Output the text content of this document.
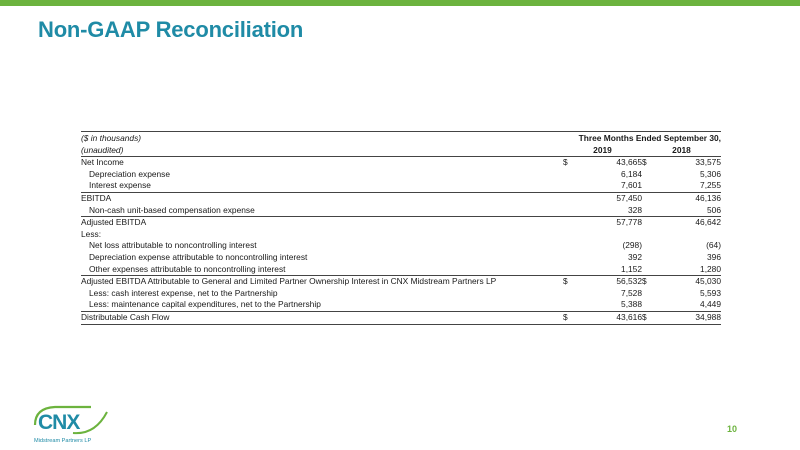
Non-GAAP Reconciliation
($ in thousands)	Three Months Ended September 30,			
(unaudited)	2019		2018	
Net Income	$	43,665	$	33,575
Depreciation expense		6,184		5,306
Interest expense		7,601		7,255
EBITDA		57,450		46,136
Non-cash unit-based compensation expense		328		506
Adjusted EBITDA		57,778		46,642
Less:				
Net loss attributable to noncontrolling interest		(298)		(64)
Depreciation expense attributable to noncontrolling interest		392		396
Other expenses attributable to noncontrolling interest		1,152		1,280
Adjusted EBITDA Attributable to General and Limited Partner Ownership Interest in CNX Midstream Partners LP	$	56,532	$	45,030
Less: cash interest expense, net to the Partnership		7,528		5,593
Less: maintenance capital expenditures, net to the Partnership		5,388		4,449
Distributable Cash Flow	$	43,616	$	34,988
CNX
Midstream Partners LP
10
